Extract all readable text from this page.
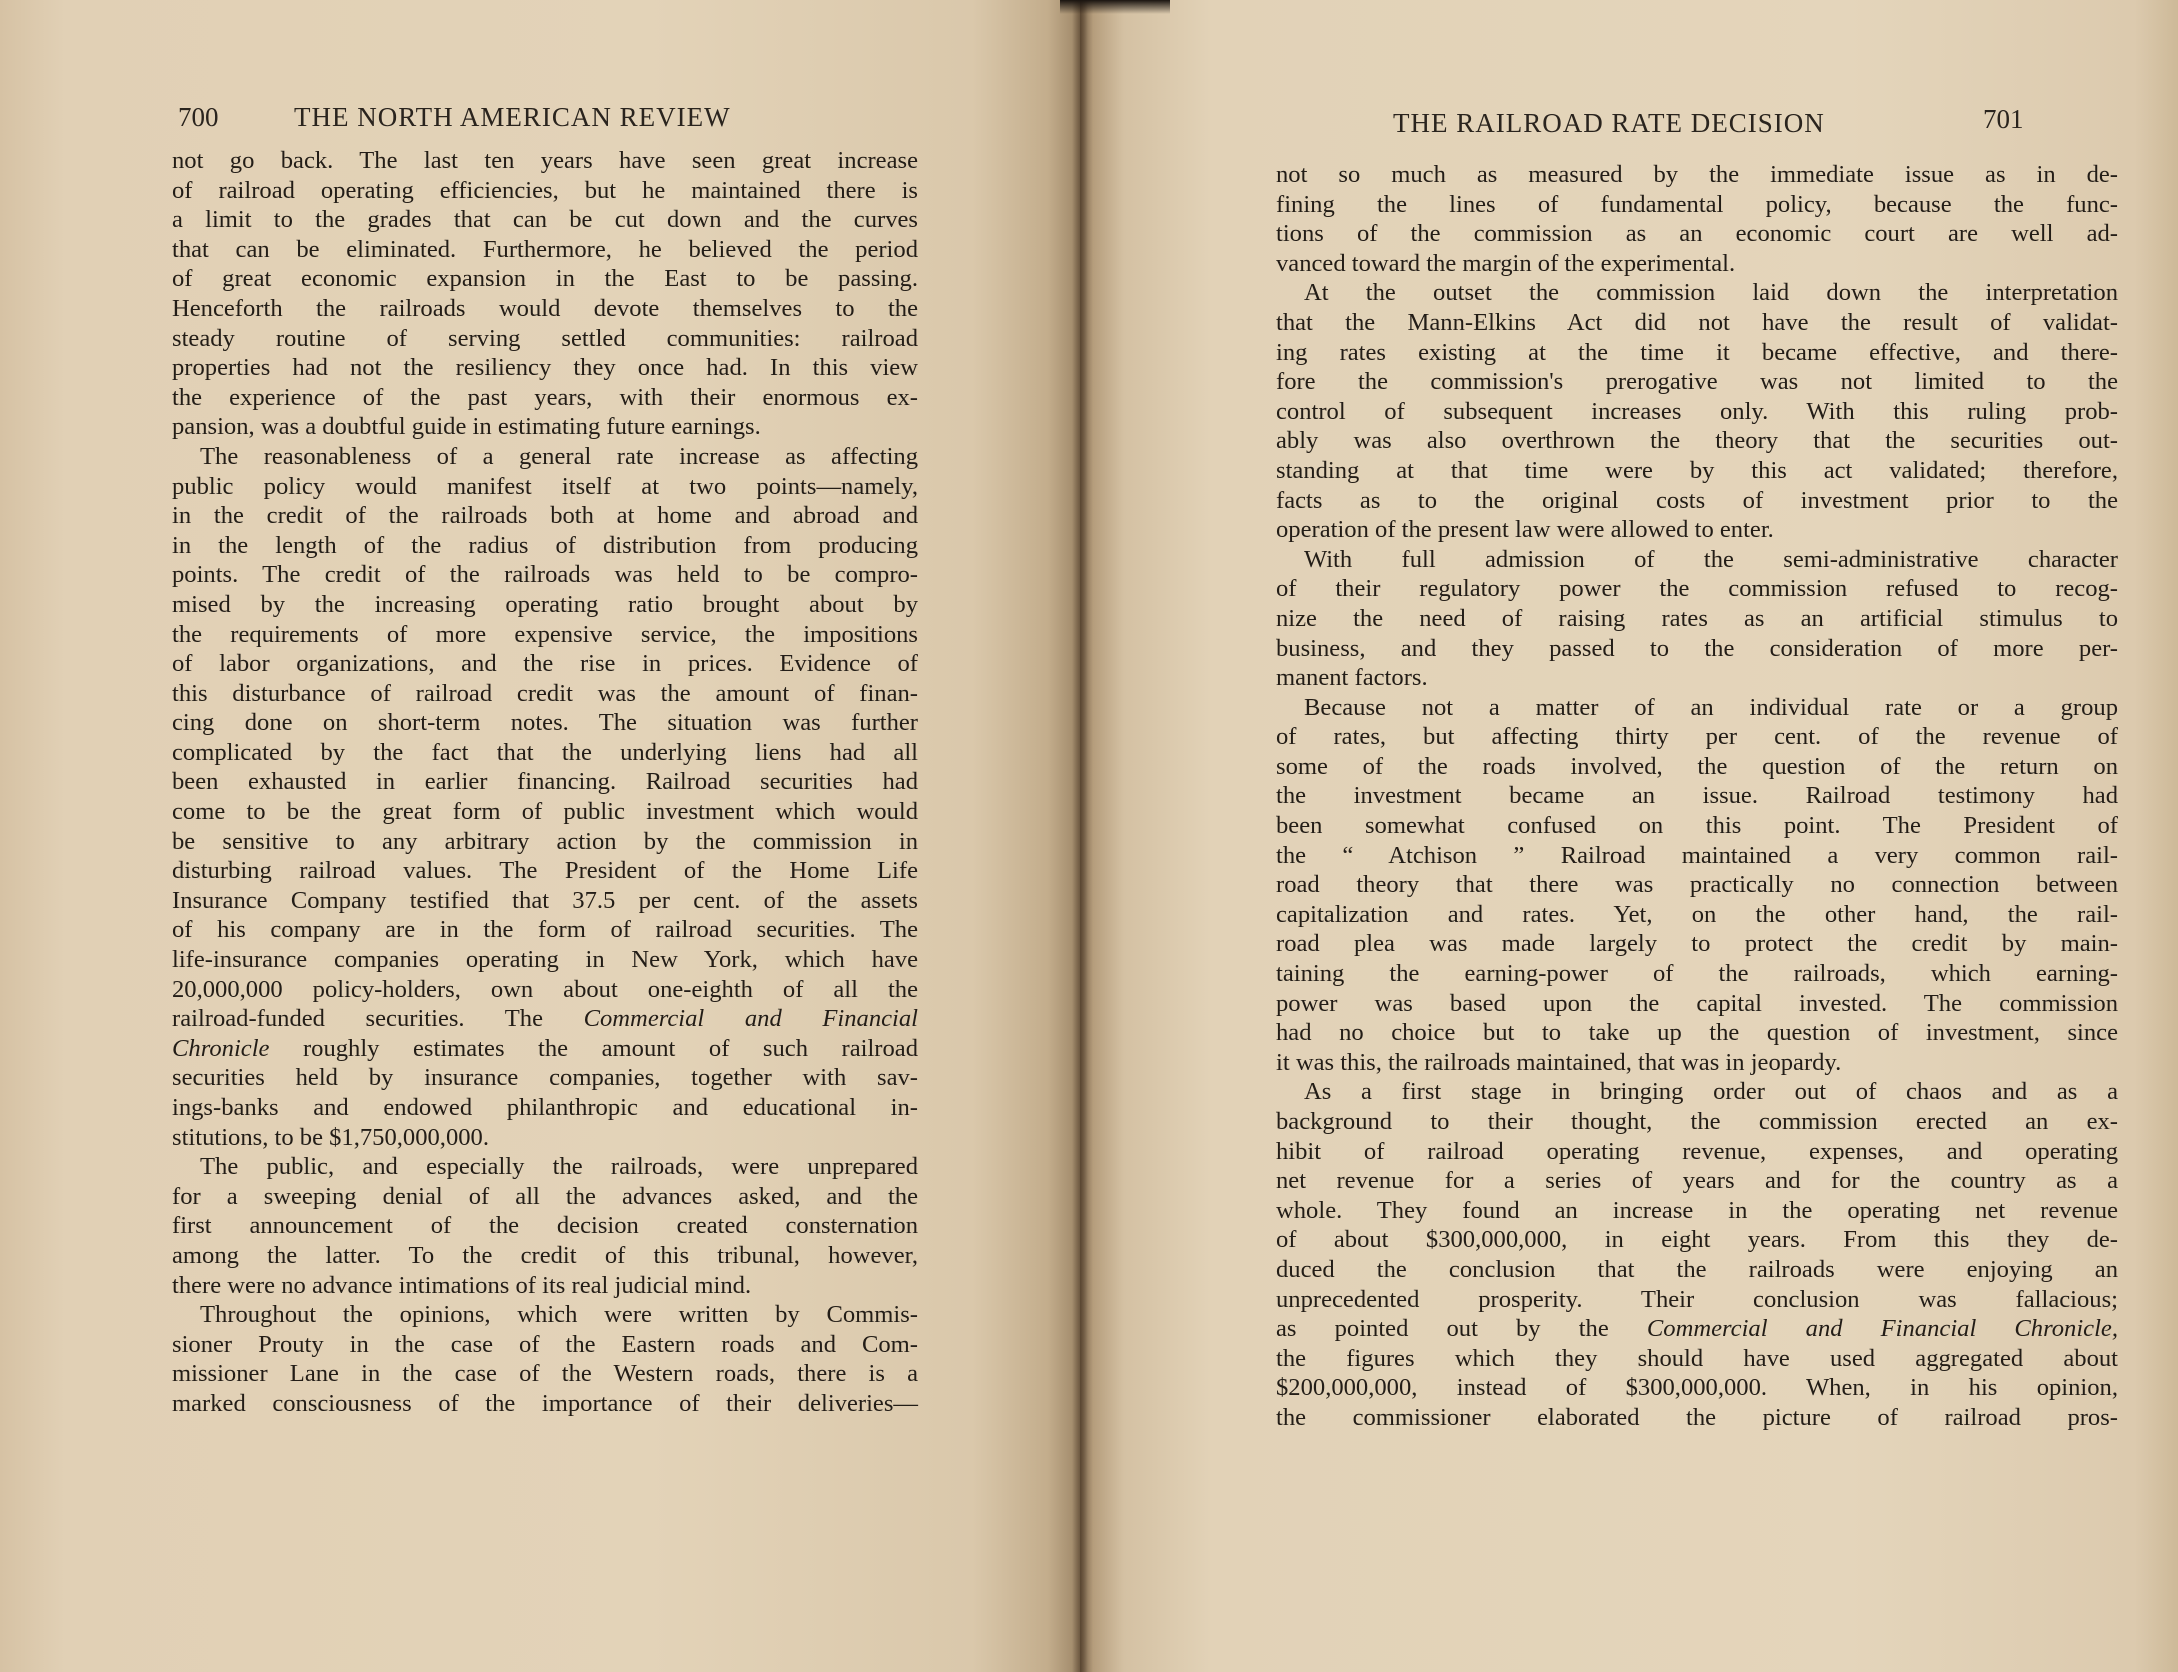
700	THE NORTH AMERICAN REVIEW
not go back. The last ten years have seen great increase
of railroad operating efficiencies, but he maintained there is
a limit to the grades that can be cut down and the curves
that can be eliminated. Furthermore, he believed the period
of great economic expansion in the East to be passing.
Henceforth the railroads would devote themselves to the
steady routine of serving settled communities: railroad
properties had not the resiliency they once had. In this view
the experience of the past years, with their enormous ex-
pansion, was a doubtful guide in estimating future earnings.
The reasonableness of a general rate increase as affecting
public policy would manifest itself at two points—namely,
in the credit of the railroads both at home and abroad and
in the length of the radius of distribution from producing
points. The credit of the railroads was held to be compro-
mised by the increasing operating ratio brought about by
the requirements of more expensive service, the impositions
of labor organizations, and the rise in prices. Evidence of
this disturbance of railroad credit was the amount of finan-
cing done on short-term notes. The situation was further
complicated by the fact that the underlying liens had all
been exhausted in earlier financing. Railroad securities had
come to be the great form of public investment which would
be sensitive to any arbitrary action by the commission in
disturbing railroad values. The President of the Home Life
Insurance Company testified that 37.5 per cent. of the assets
of his company are in the form of railroad securities. The
life-insurance companies operating in New York, which have
20,000,000 policy-holders, own about one-eighth of all the
railroad-funded securities. The Commercial and Financial
Chronicle roughly estimates the amount of such railroad
securities held by insurance companies, together with sav-
ings-banks and endowed philanthropic and educational in-
stitutions, to be $1,750,000,000.
The public, and especially the railroads, were unprepared
for a sweeping denial of all the advances asked, and the
first announcement of the decision created consternation
among the latter. To the credit of this tribunal, however,
there were no advance intimations of its real judicial mind.
Throughout the opinions, which were written by Commis-
sioner Prouty in the case of the Eastern roads and Com-
missioner Lane in the case of the Western roads, there is a
marked consciousness of the importance of their deliveries—
THE RAILROAD RATE DECISION	701
not so much as measured by the immediate issue as in de-
fining the lines of fundamental policy, because the func-
tions of the commission as an economic court are well ad-
vanced toward the margin of the experimental.
At the outset the commission laid down the interpretation
that the Mann-Elkins Act did not have the result of validat-
ing rates existing at the time it became effective, and there-
fore the commission's prerogative was not limited to the
control of subsequent increases only. With this ruling prob-
ably was also overthrown the theory that the securities out-
standing at that time were by this act validated; therefore,
facts as to the original costs of investment prior to the
operation of the present law were allowed to enter.
With full admission of the semi-administrative character
of their regulatory power the commission refused to recog-
nize the need of raising rates as an artificial stimulus to
business, and they passed to the consideration of more per-
manent factors.
Because not a matter of an individual rate or a group
of rates, but affecting thirty per cent. of the revenue of
some of the roads involved, the question of the return on
the investment became an issue. Railroad testimony had
been somewhat confused on this point. The President of
the “ Atchison ” Railroad maintained a very common rail-
road theory that there was practically no connection between
capitalization and rates. Yet, on the other hand, the rail-
road plea was made largely to protect the credit by main-
taining the earning-power of the railroads, which earning-
power was based upon the capital invested. The commission
had no choice but to take up the question of investment, since
it was this, the railroads maintained, that was in jeopardy.
As a first stage in bringing order out of chaos and as a
background to their thought, the commission erected an ex-
hibit of railroad operating revenue, expenses, and operating
net revenue for a series of years and for the country as a
whole. They found an increase in the operating net revenue
of about $300,000,000, in eight years. From this they de-
duced the conclusion that the railroads were enjoying an
unprecedented prosperity. Their conclusion was fallacious;
as pointed out by the Commercial and Financial Chronicle,
the figures which they should have used aggregated about
$200,000,000, instead of $300,000,000. When, in his opinion,
the commissioner elaborated the picture of railroad pros-
